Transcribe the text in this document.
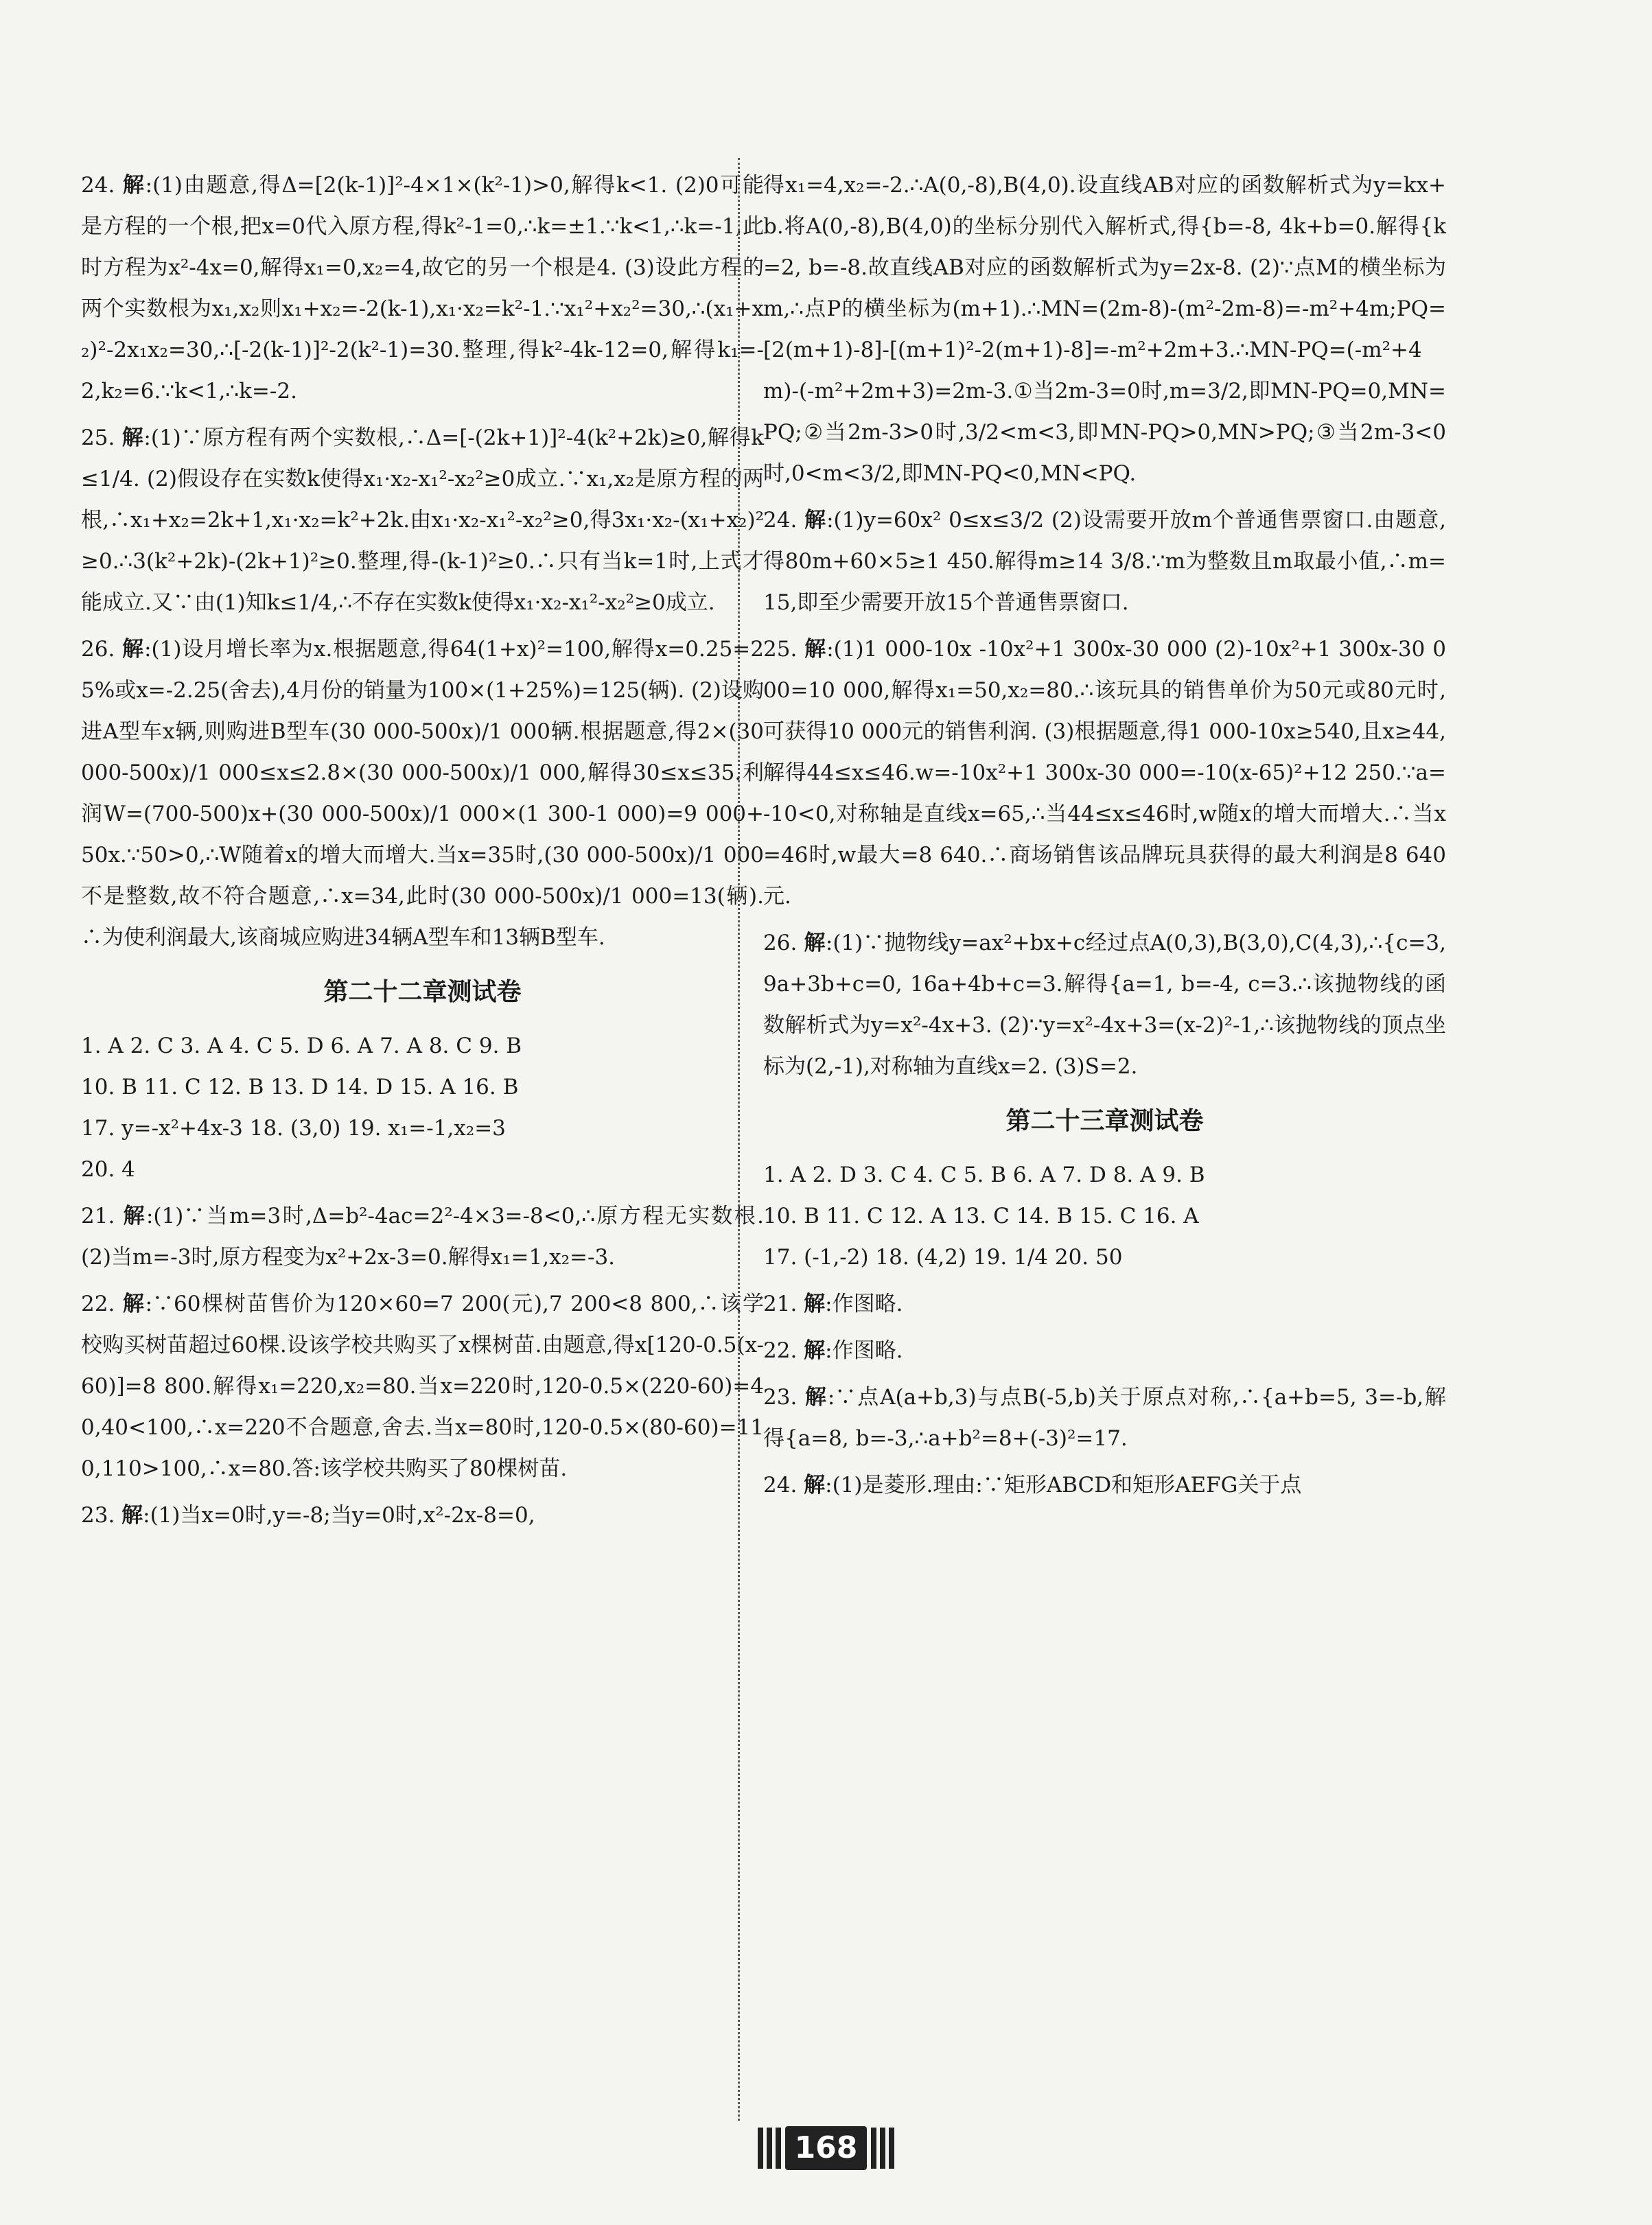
24. 解:(1)由题意,得Δ=[2(k-1)]²-4×1×(k²-1)>0,解得k<1. (2)0可能是方程的一个根,把x=0代入原方程,得k²-1=0,∴k=±1.∵k<1,∴k=-1,此时方程为x²-4x=0,解得x₁=0,x₂=4,故它的另一个根是4. (3)设此方程的两个实数根为x₁,x₂则x₁+x₂=-2(k-1),x₁·x₂=k²-1.∵x₁²+x₂²=30,∴(x₁+x₂)²-2x₁x₂=30,∴[-2(k-1)]²-2(k²-1)=30.整理,得k²-4k-12=0,解得k₁=-2,k₂=6.∵k<1,∴k=-2.
25. 解:(1)∵原方程有两个实数根,∴Δ=[-(2k+1)]²-4(k²+2k)≥0,解得k≤1/4. (2)假设存在实数k使得x₁·x₂-x₁²-x₂²≥0成立.∵x₁,x₂是原方程的两根,∴x₁+x₂=2k+1,x₁·x₂=k²+2k.由x₁·x₂-x₁²-x₂²≥0,得3x₁·x₂-(x₁+x₂)²≥0.∴3(k²+2k)-(2k+1)²≥0.整理,得-(k-1)²≥0.∴只有当k=1时,上式才能成立.又∵由(1)知k≤1/4,∴不存在实数k使得x₁·x₂-x₁²-x₂²≥0成立.
26. 解:(1)设月增长率为x.根据题意,得64(1+x)²=100,解得x=0.25=25%或x=-2.25(舍去),4月份的销量为100×(1+25%)=125(辆). (2)设购进A型车x辆,则购进B型车(30 000-500x)/1 000辆.根据题意,得2×(30 000-500x)/1 000≤x≤2.8×(30 000-500x)/1 000,解得30≤x≤35.利润W=(700-500)x+(30 000-500x)/1 000×(1 300-1 000)=9 000+50x.∵50>0,∴W随着x的增大而增大.当x=35时,(30 000-500x)/1 000不是整数,故不符合题意,∴x=34,此时(30 000-500x)/1 000=13(辆).∴为使利润最大,该商城应购进34辆A型车和13辆B型车.
第二十二章测试卷
1. A 2. C 3. A 4. C 5. D 6. A 7. A 8. C 9. B
10. B 11. C 12. B 13. D 14. D 15. A 16. B
17. y=-x²+4x-3 18. (3,0) 19. x₁=-1,x₂=3
20. 4
21. 解:(1)∵当m=3时,Δ=b²-4ac=2²-4×3=-8<0,∴原方程无实数根. (2)当m=-3时,原方程变为x²+2x-3=0.解得x₁=1,x₂=-3.
22. 解:∵60棵树苗售价为120×60=7 200(元),7 200<8 800,∴该学校购买树苗超过60棵.设该学校共购买了x棵树苗.由题意,得x[120-0.5(x-60)]=8 800.解得x₁=220,x₂=80.当x=220时,120-0.5×(220-60)=40,40<100,∴x=220不合题意,舍去.当x=80时,120-0.5×(80-60)=110,110>100,∴x=80.答:该学校共购买了80棵树苗.
23. 解:(1)当x=0时,y=-8;当y=0时,x²-2x-8=0,
得x₁=4,x₂=-2.∴A(0,-8),B(4,0).设直线AB对应的函数解析式为y=kx+b.将A(0,-8),B(4,0)的坐标分别代入解析式,得{b=-8, 4k+b=0.解得{k=2, b=-8.故直线AB对应的函数解析式为y=2x-8. (2)∵点M的横坐标为m,∴点P的横坐标为(m+1).∴MN=(2m-8)-(m²-2m-8)=-m²+4m;PQ=[2(m+1)-8]-[(m+1)²-2(m+1)-8]=-m²+2m+3.∴MN-PQ=(-m²+4m)-(-m²+2m+3)=2m-3.①当2m-3=0时,m=3/2,即MN-PQ=0,MN=PQ;②当2m-3>0时,3/2<m<3,即MN-PQ>0,MN>PQ;③当2m-3<0时,0<m<3/2,即MN-PQ<0,MN<PQ.
24. 解:(1)y=60x² 0≤x≤3/2 (2)设需要开放m个普通售票窗口.由题意,得80m+60×5≥1 450.解得m≥14 3/8.∵m为整数且m取最小值,∴m=15,即至少需要开放15个普通售票窗口.
25. 解:(1)1 000-10x -10x²+1 300x-30 000 (2)-10x²+1 300x-30 000=10 000,解得x₁=50,x₂=80.∴该玩具的销售单价为50元或80元时,可获得10 000元的销售利润. (3)根据题意,得1 000-10x≥540,且x≥44,解得44≤x≤46.w=-10x²+1 300x-30 000=-10(x-65)²+12 250.∵a=-10<0,对称轴是直线x=65,∴当44≤x≤46时,w随x的增大而增大.∴当x=46时,w最大=8 640.∴商场销售该品牌玩具获得的最大利润是8 640元.
26. 解:(1)∵抛物线y=ax²+bx+c经过点A(0,3),B(3,0),C(4,3),∴{c=3, 9a+3b+c=0, 16a+4b+c=3.解得{a=1, b=-4, c=3.∴该抛物线的函数解析式为y=x²-4x+3. (2)∵y=x²-4x+3=(x-2)²-1,∴该抛物线的顶点坐标为(2,-1),对称轴为直线x=2. (3)S=2.
第二十三章测试卷
1. A 2. D 3. C 4. C 5. B 6. A 7. D 8. A 9. B
10. B 11. C 12. A 13. C 14. B 15. C 16. A
17. (-1,-2) 18. (4,2) 19. 1/4 20. 50
21. 解:作图略.
22. 解:作图略.
23. 解:∵点A(a+b,3)与点B(-5,b)关于原点对称,∴{a+b=5, 3=-b,解得{a=8, b=-3,∴a+b²=8+(-3)²=17.
24. 解:(1)是菱形.理由:∵矩形ABCD和矩形AEFG关于点
168
